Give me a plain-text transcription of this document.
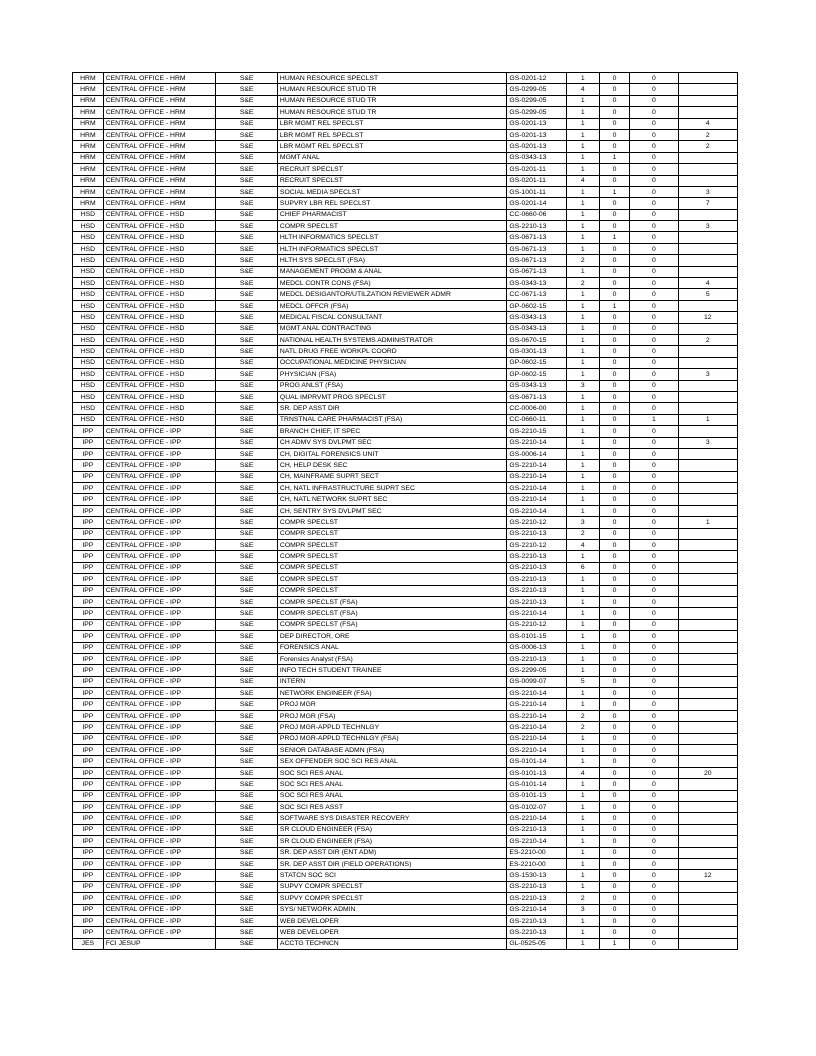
HRM	CENTRAL OFFICE - HRM	S&E	HUMAN RESOURCE SPECLST	GS-0201-12	1	0	0	
HRM	CENTRAL OFFICE - HRM	S&E	HUMAN RESOURCE STUD TR	GS-0299-05	4	0	0	
HRM	CENTRAL OFFICE - HRM	S&E	HUMAN RESOURCE STUD TR	GS-0299-05	1	0	0	
HRM	CENTRAL OFFICE - HRM	S&E	HUMAN RESOURCE STUD TR	GS-0299-05	1	0	0	
HRM	CENTRAL OFFICE - HRM	S&E	LBR MGMT REL SPECLST	GS-0201-13	1	0	0	4
HRM	CENTRAL OFFICE - HRM	S&E	LBR MGMT REL SPECLST	GS-0201-13	1	0	0	2
HRM	CENTRAL OFFICE - HRM	S&E	LBR MGMT REL SPECLST	GS-0201-13	1	0	0	2
HRM	CENTRAL OFFICE - HRM	S&E	MGMT ANAL	GS-0343-13	1	1	0	
HRM	CENTRAL OFFICE - HRM	S&E	RECRUIT SPECLST	GS-0201-11	1	0	0	
HRM	CENTRAL OFFICE - HRM	S&E	RECRUIT SPECLST	GS-0201-11	4	0	0	
HRM	CENTRAL OFFICE - HRM	S&E	SOCIAL MEDIA SPECLST	GS-1001-11	1	1	0	3
HRM	CENTRAL OFFICE - HRM	S&E	SUPVRY LBR REL SPECLST	GS-0201-14	1	0	0	7
HSD	CENTRAL OFFICE - HSD	S&E	CHIEF PHARMACIST	CC-0660-06	1	0	0	
HSD	CENTRAL OFFICE - HSD	S&E	COMPR SPECLST	GS-2210-13	1	0	0	3
HSD	CENTRAL OFFICE - HSD	S&E	HLTH INFORMATICS SPECLST	GS-0671-13	1	1	0	
HSD	CENTRAL OFFICE - HSD	S&E	HLTH INFORMATICS SPECLST	GS-0671-13	1	0	0	
HSD	CENTRAL OFFICE - HSD	S&E	HLTH SYS SPECLST (FSA)	GS-0671-13	2	0	0	
HSD	CENTRAL OFFICE - HSD	S&E	MANAGEMENT PROGM & ANAL	GS-0671-13	1	0	0	
HSD	CENTRAL OFFICE - HSD	S&E	MEDCL CONTR CONS (FSA)	GS-0343-13	2	0	0	4
HSD	CENTRAL OFFICE - HSD	S&E	MEDCL DESIGANTOR/UTILZATION REVIEWER ADMR	CC-0671-13	1	0	0	5
HSD	CENTRAL OFFICE - HSD	S&E	MEDCL OFFCR (FSA)	GP-0602-15	1	1	0	
HSD	CENTRAL OFFICE - HSD	S&E	MEDICAL FISCAL CONSULTANT	GS-0343-13	1	0	0	12
HSD	CENTRAL OFFICE - HSD	S&E	MGMT ANAL CONTRACTING	GS-0343-13	1	0	0	
HSD	CENTRAL OFFICE - HSD	S&E	NATIONAL HEALTH SYSTEMS ADMINISTRATOR	GS-0670-15	1	0	0	2
HSD	CENTRAL OFFICE - HSD	S&E	NATL DRUG FREE WORKPL COORD	GS-0301-13	1	0	0	
HSD	CENTRAL OFFICE - HSD	S&E	OCCUPATIONAL MEDICINE PHYSICIAN	GP-0602-15	1	0	0	
HSD	CENTRAL OFFICE - HSD	S&E	PHYSICIAN (FSA)	GP-0602-15	1	0	0	3
HSD	CENTRAL OFFICE - HSD	S&E	PROG ANLST (FSA)	GS-0343-13	3	0	0	
HSD	CENTRAL OFFICE - HSD	S&E	QUAL IMPRVMT PROG SPECLST	GS-0671-13	1	0	0	
HSD	CENTRAL OFFICE - HSD	S&E	SR. DEP ASST DIR	CC-0006-00	1	0	0	
HSD	CENTRAL OFFICE - HSD	S&E	TRNSTNAL CARE PHARMACIST (FSA)	CC-0660-11	1	0	1	1
IPP	CENTRAL OFFICE - IPP	S&E	BRANCH CHIEF, IT SPEC	GS-2210-15	1	0	0	
IPP	CENTRAL OFFICE - IPP	S&E	CH ADMV SYS DVLPMT SEC	GS-2210-14	1	0	0	3
IPP	CENTRAL OFFICE - IPP	S&E	CH, DIGITAL FORENSICS UNIT	GS-0006-14	1	0	0	
IPP	CENTRAL OFFICE - IPP	S&E	CH, HELP DESK SEC	GS-2210-14	1	0	0	
IPP	CENTRAL OFFICE - IPP	S&E	CH, MAINFRAME SUPRT SECT	GS-2210-14	1	0	0	
IPP	CENTRAL OFFICE - IPP	S&E	CH, NATL INFRASTRUCTURE SUPRT SEC	GS-2210-14	1	0	0	
IPP	CENTRAL OFFICE - IPP	S&E	CH, NATL NETWORK SUPRT SEC	GS-2210-14	1	0	0	
IPP	CENTRAL OFFICE - IPP	S&E	CH, SENTRY SYS DVLPMT SEC	GS-2210-14	1	0	0	
IPP	CENTRAL OFFICE - IPP	S&E	COMPR SPECLST	GS-2210-12	3	0	0	1
IPP	CENTRAL OFFICE - IPP	S&E	COMPR SPECLST	GS-2210-13	2	0	0	
IPP	CENTRAL OFFICE - IPP	S&E	COMPR SPECLST	GS-2210-12	4	0	0	
IPP	CENTRAL OFFICE - IPP	S&E	COMPR SPECLST	GS-2210-13	1	0	0	
IPP	CENTRAL OFFICE - IPP	S&E	COMPR SPECLST	GS-2210-13	6	0	0	
IPP	CENTRAL OFFICE - IPP	S&E	COMPR SPECLST	GS-2210-13	1	0	0	
IPP	CENTRAL OFFICE - IPP	S&E	COMPR SPECLST	GS-2210-13	1	0	0	
IPP	CENTRAL OFFICE - IPP	S&E	COMPR SPECLST (FSA)	GS-2210-13	1	0	0	
IPP	CENTRAL OFFICE - IPP	S&E	COMPR SPECLST (FSA)	GS-2210-14	1	0	0	
IPP	CENTRAL OFFICE - IPP	S&E	COMPR SPECLST (FSA)	GS-2210-12	1	0	0	
IPP	CENTRAL OFFICE - IPP	S&E	DEP DIRECTOR, ORE	GS-0101-15	1	0	0	
IPP	CENTRAL OFFICE - IPP	S&E	FORENSICS ANAL	GS-0006-13	1	0	0	
IPP	CENTRAL OFFICE - IPP	S&E	Forensics Analyst (FSA)	GS-2210-13	1	0	0	
IPP	CENTRAL OFFICE - IPP	S&E	INFO TECH STUDENT TRAINEE	GS-2299-05	1	0	0	
IPP	CENTRAL OFFICE - IPP	S&E	INTERN	GS-0099-07	5	0	0	
IPP	CENTRAL OFFICE - IPP	S&E	NETWORK ENGINEER (FSA)	GS-2210-14	1	0	0	
IPP	CENTRAL OFFICE - IPP	S&E	PROJ MGR	GS-2210-14	1	0	0	
IPP	CENTRAL OFFICE - IPP	S&E	PROJ MGR (FSA)	GS-2210-14	2	0	0	
IPP	CENTRAL OFFICE - IPP	S&E	PROJ MGR-APPLD TECHNLGY	GS-2210-14	2	0	0	
IPP	CENTRAL OFFICE - IPP	S&E	PROJ MGR-APPLD TECHNLGY (FSA)	GS-2210-14	1	0	0	
IPP	CENTRAL OFFICE - IPP	S&E	SENIOR DATABASE ADMN (FSA)	GS-2210-14	1	0	0	
IPP	CENTRAL OFFICE - IPP	S&E	SEX OFFENDER SOC SCI RES ANAL	GS-0101-14	1	0	0	
IPP	CENTRAL OFFICE - IPP	S&E	SOC SCI RES ANAL	GS-0101-13	4	0	0	20
IPP	CENTRAL OFFICE - IPP	S&E	SOC SCI RES ANAL	GS-0101-14	1	0	0	
IPP	CENTRAL OFFICE - IPP	S&E	SOC SCI RES ANAL	GS-0101-13	1	0	0	
IPP	CENTRAL OFFICE - IPP	S&E	SOC SCI RES ASST	GS-0102-07	1	0	0	
IPP	CENTRAL OFFICE - IPP	S&E	SOFTWARE SYS DISASTER RECOVERY	GS-2210-14	1	0	0	
IPP	CENTRAL OFFICE - IPP	S&E	SR CLOUD ENGINEER (FSA)	GS-2210-13	1	0	0	
IPP	CENTRAL OFFICE - IPP	S&E	SR CLOUD ENGINEER (FSA)	GS-2210-14	1	0	0	
IPP	CENTRAL OFFICE - IPP	S&E	SR. DEP ASST DIR (ENT ADM)	ES-2210-00	1	0	0	
IPP	CENTRAL OFFICE - IPP	S&E	SR. DEP ASST DIR (FIELD OPERATIONS)	ES-2210-00	1	0	0	
IPP	CENTRAL OFFICE - IPP	S&E	STATCN SOC SCI	GS-1530-13	1	0	0	12
IPP	CENTRAL OFFICE - IPP	S&E	SUPVY COMPR SPECLST	GS-2210-13	1	0	0	
IPP	CENTRAL OFFICE - IPP	S&E	SUPVY COMPR SPECLST	GS-2210-13	2	0	0	
IPP	CENTRAL OFFICE - IPP	S&E	SYS/ NETWORK ADMIN	GS-2210-14	3	0	0	
IPP	CENTRAL OFFICE - IPP	S&E	WEB DEVELOPER	GS-2210-13	1	0	0	
IPP	CENTRAL OFFICE - IPP	S&E	WEB DEVELOPER	GS-2210-13	1	0	0	
JES	FCI JESUP	S&E	ACCTG TECHNCN	GL-0525-05	1	1	0	
